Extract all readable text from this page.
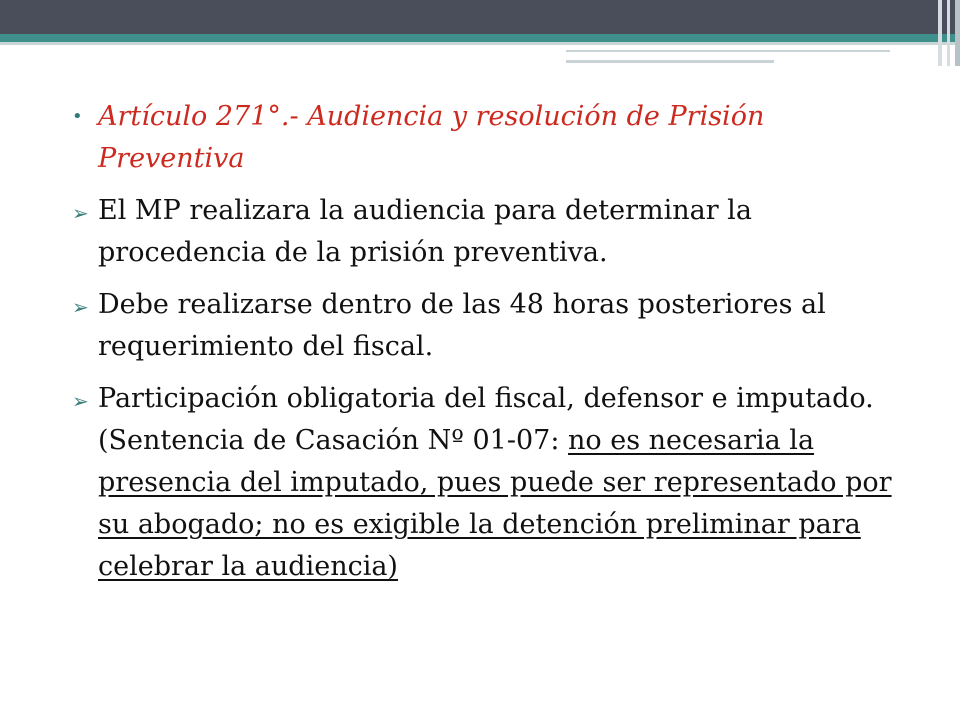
• Artículo 271°.- Audiencia y resolución de Prisión Preventiva
➢ El MP realizara la audiencia para determinar la procedencia de la prisión preventiva.
➢ Debe realizarse dentro de las 48 horas posteriores al requerimiento del fiscal.
➢ Participación obligatoria del fiscal, defensor e imputado. (Sentencia de Casación Nº 01-07: no es necesaria la presencia del imputado, pues puede ser representado por su abogado; no es exigible la detención preliminar para celebrar la audiencia)
